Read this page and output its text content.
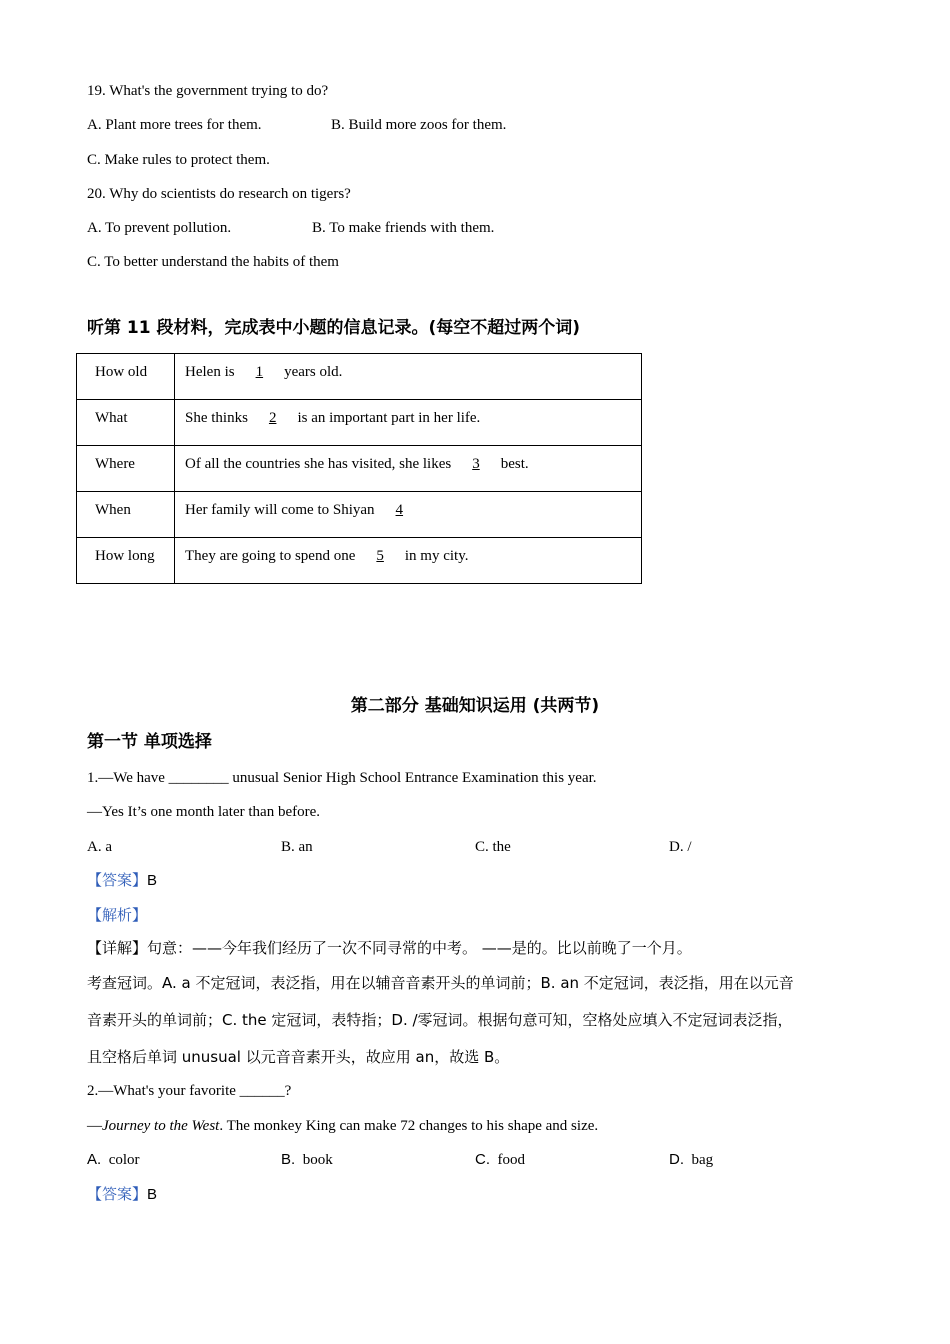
19. What's the government trying to do?
A. Plant more trees for them.	B. Build more zoos for them.
C. Make rules to protect them.
20. Why do scientists do research on tigers?
A. To prevent pollution.	B. To make friends with them.
C. To better understand the habits of them
听第 11 段材料，完成表中小题的信息记录。(每空不超过两个词)
How old	Helen is 1 years old.
What	She thinks 2 is an important part in her life.
Where	Of all the countries she has visited, she likes 3 best.
When	Her family will come to Shiyan 4
How long	They are going to spend one 5 in my city.
第二部分 基础知识运用 (共两节)
第一节 单项选择
1.—We have ________ unusual Senior High School Entrance Examination this year.
—Yes It’s one month later than before.
A. a	B. an	C. the	D. /
【答案】B
【解析】
【详解】句意：——今年我们经历了一次不同寻常的中考。 ——是的。比以前晚了一个月。
考查冠词。A. a 不定冠词，表泛指，用在以辅音音素开头的单词前；B. an 不定冠词，表泛指，用在以元音
音素开头的单词前；C. the 定冠词，表特指；D. /零冠词。根据句意可知，空格处应填入不定冠词表泛指，
且空格后单词 unusual 以元音音素开头，故应用 an，故选 B。
2.—What's your favorite ______?
—Journey to the West. The monkey King can make 72 changes to his shape and size.
A. color	B. book	C. food	D. bag
【答案】B
